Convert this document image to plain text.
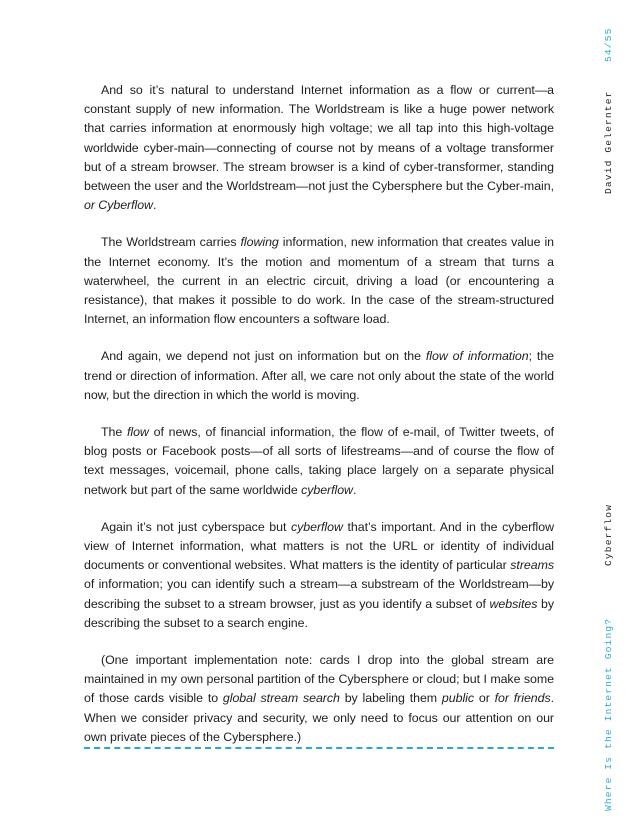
And so it’s natural to understand Internet information as a flow or current—a constant supply of new information. The Worldstream is like a huge power network that carries information at enormously high voltage; we all tap into this high-voltage worldwide cyber-main—connecting of course not by means of a voltage transformer but of a stream browser. The stream browser is a kind of cyber-transformer, standing between the user and the Worldstream—not just the Cybersphere but the Cyber-main, or Cyberflow.

The Worldstream carries flowing information, new information that creates value in the Internet economy. It’s the motion and momentum of a stream that turns a waterwheel, the current in an electric circuit, driving a load (or encountering a resistance), that makes it possible to do work. In the case of the stream-structured Internet, an information flow encounters a software load.

And again, we depend not just on information but on the flow of information; the trend or direction of information. After all, we care not only about the state of the world now, but the direction in which the world is moving.

The flow of news, of financial information, the flow of e-mail, of Twitter tweets, of blog posts or Facebook posts—of all sorts of lifestreams—and of course the flow of text messages, voicemail, phone calls, taking place largely on a separate physical network but part of the same worldwide cyberflow.

Again it’s not just cyberspace but cyberflow that’s important. And in the cyberflow view of Internet information, what matters is not the URL or identity of individual documents or conventional websites. What matters is the identity of particular streams of information; you can identify such a stream—a substream of the Worldstream—by describing the subset to a stream browser, just as you identify a subset of websites by describing the subset to a search engine.

(One important implementation note: cards I drop into the global stream are maintained in my own personal partition of the Cybersphere or cloud; but I make some of those cards visible to global stream search by labeling them public or for friends. When we consider privacy and security, we only need to focus our attention on our own private pieces of the Cybersphere.)

54/55
David Gelernter
Cyberflow
Where Is the Internet Going?
